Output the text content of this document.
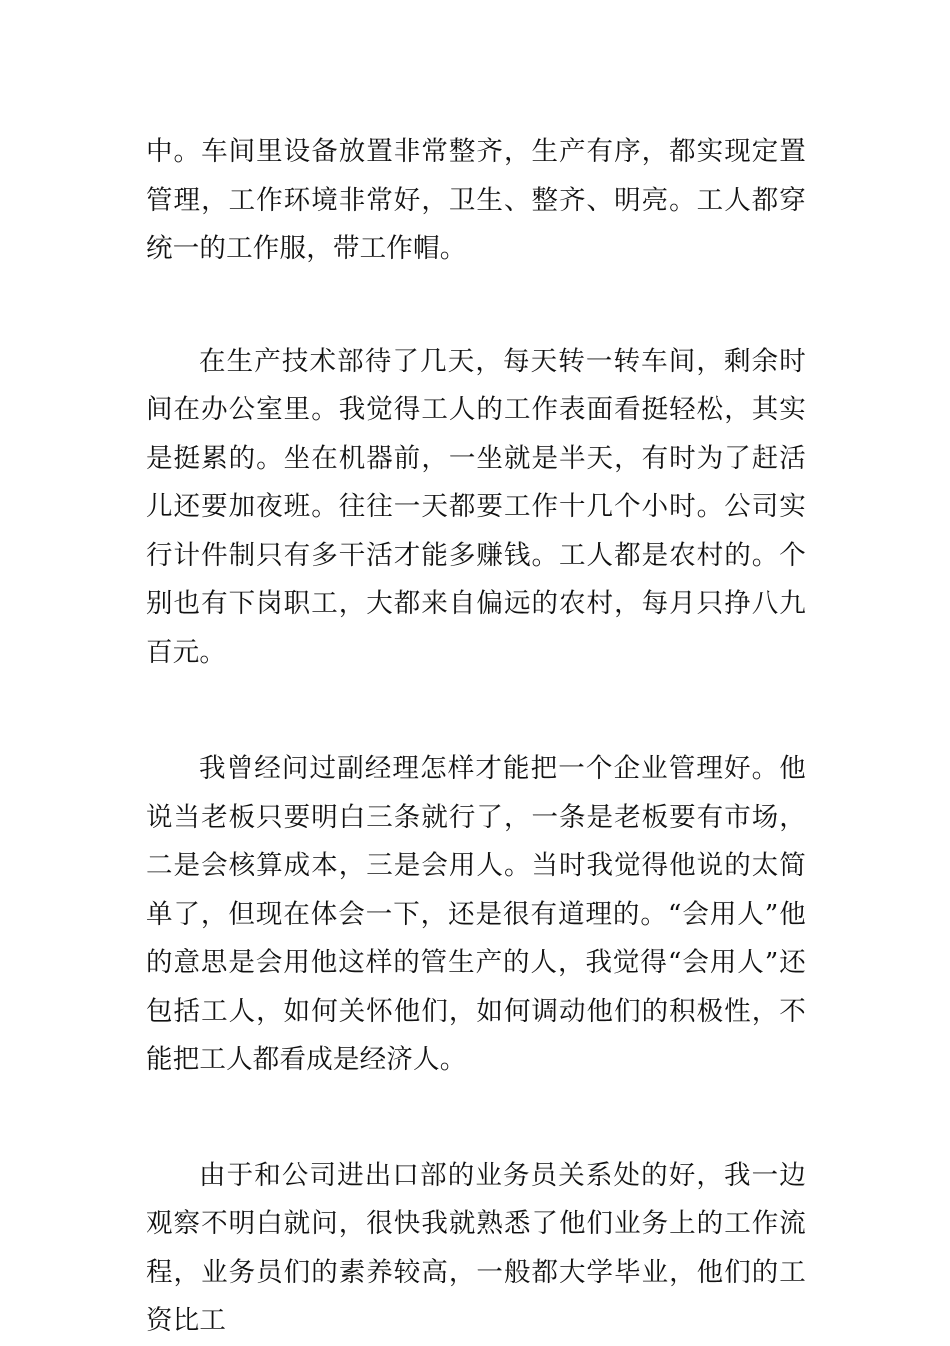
中。车间里设备放置非常整齐，生产有序，都实现定置管理，工作环境非常好，卫生、整齐、明亮。工人都穿统一的工作服，带工作帽。

在生产技术部待了几天，每天转一转车间，剩余时间在办公室里。我觉得工人的工作表面看挺轻松，其实是挺累的。坐在机器前，一坐就是半天，有时为了赶活儿还要加夜班。往往一天都要工作十几个小时。公司实行计件制只有多干活才能多赚钱。工人都是农村的。个别也有下岗职工，大都来自偏远的农村，每月只挣八九百元。

我曾经问过副经理怎样才能把一个企业管理好。他说当老板只要明白三条就行了，一条是老板要有市场，二是会核算成本，三是会用人。当时我觉得他说的太简单了，但现在体会一下，还是很有道理的。“会用人”他的意思是会用他这样的管生产的人，我觉得“会用人”还包括工人，如何关怀他们，如何调动他们的积极性，不能把工人都看成是经济人。

由于和公司进出口部的业务员关系处的好，我一边观察不明白就问，很快我就熟悉了他们业务上的工作流程，业务员们的素养较高，一般都大学毕业，他们的工资比工
